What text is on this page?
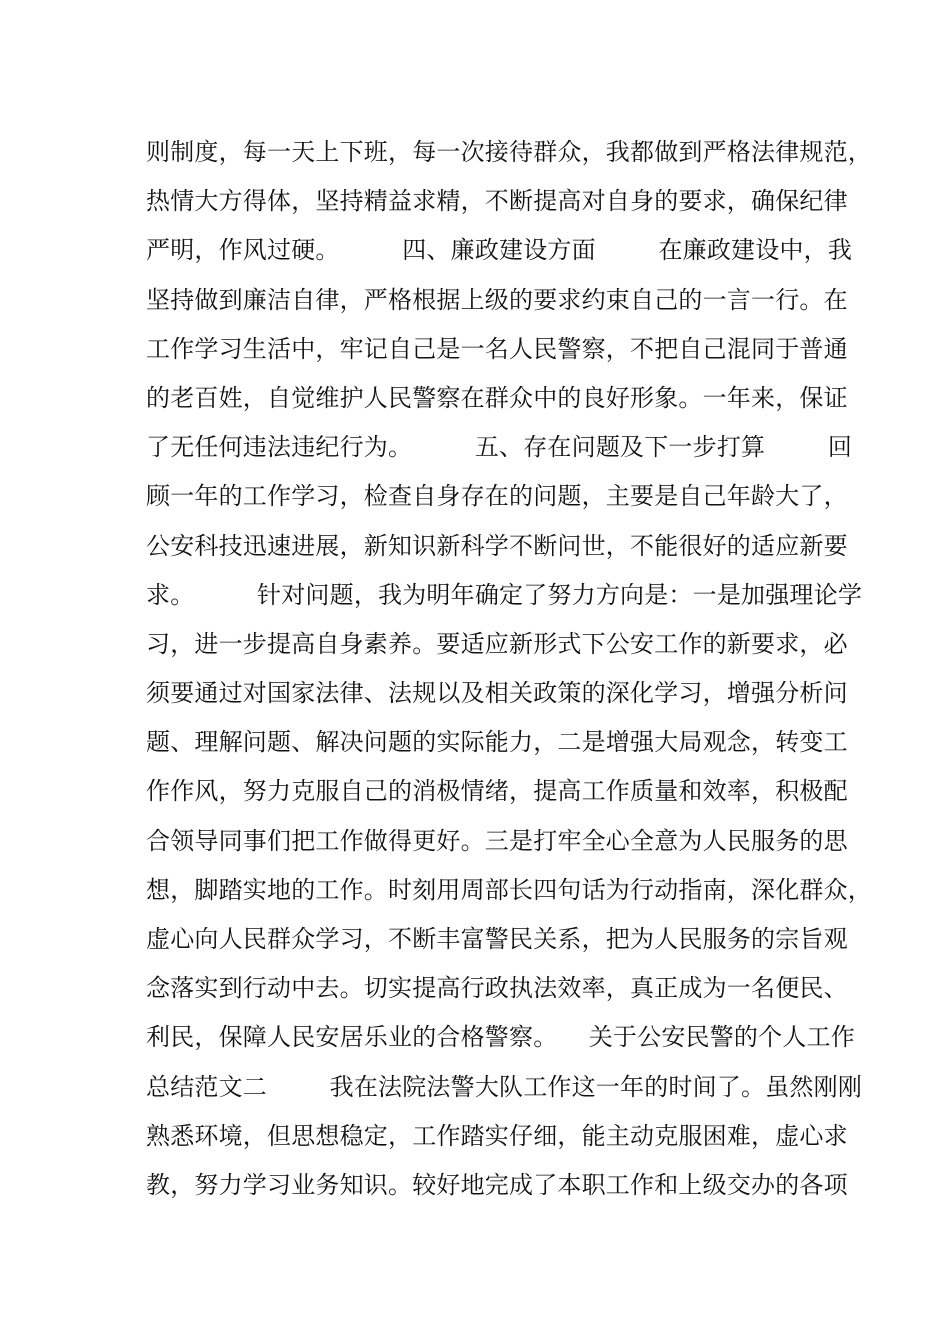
则制度，每一天上下班，每一次接待群众，我都做到严格法律规范，
热情大方得体，坚持精益求精，不断提高对自身的要求，确保纪律
严明，作风过硬。        四、廉政建设方面        在廉政建设中，我
坚持做到廉洁自律，严格根据上级的要求约束自己的一言一行。在
工作学习生活中，牢记自己是一名人民警察，不把自己混同于普通
的老百姓，自觉维护人民警察在群众中的良好形象。一年来，保证
了无任何违法违纪行为。        五、存在问题及下一步打算        回
顾一年的工作学习，检查自身存在的问题，主要是自己年龄大了，
公安科技迅速进展，新知识新科学不断问世，不能很好的适应新要
求。        针对问题，我为明年确定了努力方向是：一是加强理论学
习，进一步提高自身素养。要适应新形式下公安工作的新要求，必
须要通过对国家法律、法规以及相关政策的深化学习，增强分析问
题、理解问题、解决问题的实际能力，二是增强大局观念，转变工
作作风，努力克服自己的消极情绪，提高工作质量和效率，积极配
合领导同事们把工作做得更好。三是打牢全心全意为人民服务的思
想，脚踏实地的工作。时刻用周部长四句话为行动指南，深化群众，
虚心向人民群众学习，不断丰富警民关系，把为人民服务的宗旨观
念落实到行动中去。切实提高行政执法效率，真正成为一名便民、
利民，保障人民安居乐业的合格警察。    关于公安民警的个人工作
总结范文二        我在法院法警大队工作这一年的时间了。虽然刚刚
熟悉环境，但思想稳定，工作踏实仔细，能主动克服困难，虚心求
教，努力学习业务知识。较好地完成了本职工作和上级交办的各项
